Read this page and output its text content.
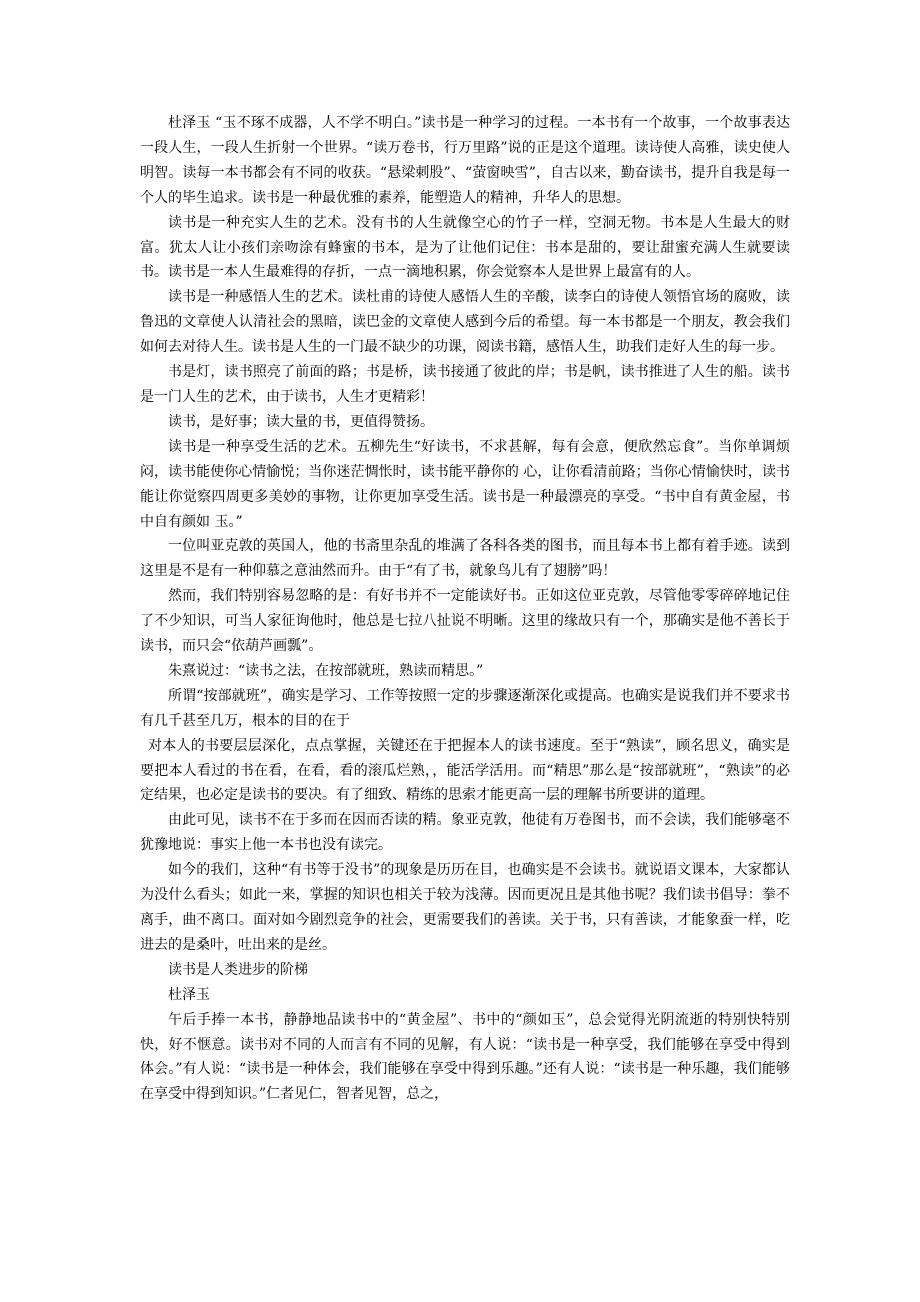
杜泽玉 “玉不琢不成器，人不学不明白。”读书是一种学习的过程。一本书有一个故事，一个故事表达一段人生，一段人生折射一个世界。“读万卷书，行万里路”说的正是这个道理。读诗使人高雅，读史使人明智。读每一本书都会有不同的收获。“悬梁刺股”、“萤窗映雪”，自古以来，勤奋读书，提升自我是每一个人的毕生追求。读书是一种最优雅的素养，能塑造人的精神，升华人的思想。

读书是一种充实人生的艺术。没有书的人生就像空心的竹子一样，空洞无物。书本是人生最大的财富。犹太人让小孩们亲吻涂有蜂蜜的书本，是为了让他们记住：书本是甜的，要让甜蜜充满人生就要读书。读书是一本人生最难得的存折，一点一滴地积累，你会觉察本人是世界上最富有的人。

读书是一种感悟人生的艺术。读杜甫的诗使人感悟人生的辛酸，读李白的诗使人领悟官场的腐败，读鲁迅的文章使人认清社会的黑暗，读巴金的文章使人感到今后的希望。每一本书都是一个朋友，教会我们如何去对待人生。读书是人生的一门最不缺少的功课，阅读书籍，感悟人生，助我们走好人生的每一步。

书是灯，读书照亮了前面的路；书是桥，读书接通了彼此的岸；书是帆，读书推进了人生的船。读书是一门人生的艺术，由于读书，人生才更精彩！

读书，是好事；读大量的书，更值得赞扬。

读书是一种享受生活的艺术。五柳先生“好读书，不求甚解，每有会意，便欣然忘食”。当你单调烦闷，读书能使你心情愉悦；当你迷茫惆怅时，读书能平静你的 心，让你看清前路；当你心情愉快时，读书能让你觉察四周更多美妙的事物，让你更加享受生活。读书是一种最漂亮的享受。“书中自有黄金屋，书中自有颜如 玉。”

一位叫亚克敦的英国人，他的书斋里杂乱的堆满了各科各类的图书，而且每本书上都有着手迹。读到这里是不是有一种仰慕之意油然而升。由于“有了书，就象鸟儿有了翅膀”吗！

然而，我们特别容易忽略的是：有好书并不一定能读好书。正如这位亚克敦，尽管他零零碎碎地记住了不少知识，可当人家征询他时，他总是七拉八扯说不明晰。这里的缘故只有一个，那确实是他不善长于读书，而只会“依葫芦画瓢”。

朱熹说过：“读书之法，在按部就班，熟读而精思。”

所谓“按部就班”，确实是学习、工作等按照一定的步骤逐渐深化或提高。也确实是说我们并不要求书有几千甚至几万，根本的目的在于

对本人的书要层层深化，点点掌握，关键还在于把握本人的读书速度。至于“熟读”，顾名思义，确实是要把本人看过的书在看，在看，看的滚瓜烂熟，，能活学活用。而“精思”那么是“按部就班”，“熟读”的必定结果，也必定是读书的要决。有了细致、精练的思索才能更高一层的理解书所要讲的道理。

由此可见，读书不在于多而在因而否读的精。象亚克敦，他徒有万卷图书，而不会读，我们能够毫不犹豫地说：事实上他一本书也没有读完。

如今的我们，这种“有书等于没书”的现象是历历在目，也确实是不会读书。就说语文课本，大家都认为没什么看头；如此一来，掌握的知识也相关于较为浅薄。因而更况且是其他书呢？我们读书倡导：拳不离手，曲不离口。面对如今剧烈竞争的社会，更需要我们的善读。关于书，只有善读，才能象蚕一样，吃进去的是桑叶，吐出来的是丝。

读书是人类进步的阶梯

杜泽玉

午后手捧一本书，静静地品读书中的“黄金屋”、书中的“颜如玉”，总会觉得光阴流逝的特别快特别快，好不惬意。读书对不同的人而言有不同的见解，有人说：“读书是一种享受，我们能够在享受中得到体会。”有人说：“读书是一种体会，我们能够在享受中得到乐趣。”还有人说：“读书是一种乐趣，我们能够在享受中得到知识。”仁者见仁，智者见智，总之，
